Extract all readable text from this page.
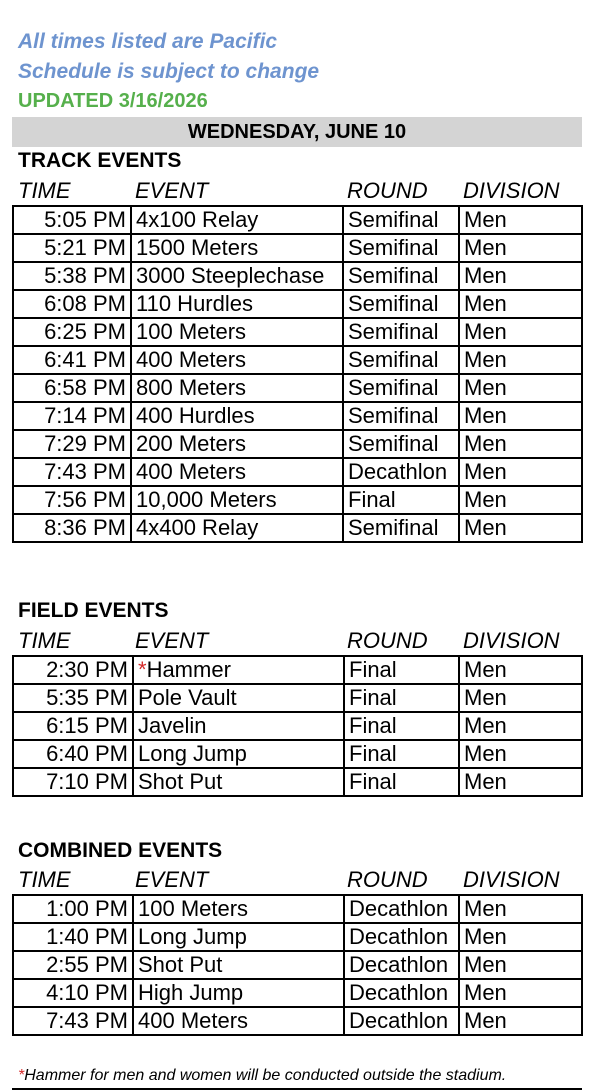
All times listed are Pacific
Schedule is subject to change
UPDATED 3/16/2026
WEDNESDAY, JUNE 10
TRACK EVENTS
TIME	EVENT	ROUND DIVISION
5:05 PM	4x100 Relay	Semifinal	Men
5:21 PM	1500 Meters	Semifinal	Men
5:38 PM	3000 Steeplechase	Semifinal	Men
6:08 PM	110 Hurdles	Semifinal	Men
6:25 PM	100 Meters	Semifinal	Men
6:41 PM	400 Meters	Semifinal	Men
6:58 PM	800 Meters	Semifinal	Men
7:14 PM	400 Hurdles	Semifinal	Men
7:29 PM	200 Meters	Semifinal	Men
7:43 PM	400 Meters	Decathlon	Men
7:56 PM	10,000 Meters	Final	Men
8:36 PM	4x400 Relay	Semifinal	Men
FIELD EVENTS
TIME	EVENT	ROUND DIVISION
2:30 PM	*Hammer	Final	Men
5:35 PM	Pole Vault	Final	Men
6:15 PM	Javelin	Final	Men
6:40 PM	Long Jump	Final	Men
7:10 PM	Shot Put	Final	Men
COMBINED EVENTS
TIME	EVENT	ROUND DIVISION
1:00 PM	100 Meters	Decathlon	Men
1:40 PM	Long Jump	Decathlon	Men
2:55 PM	Shot Put	Decathlon	Men
4:10 PM	High Jump	Decathlon	Men
7:43 PM	400 Meters	Decathlon	Men
*Hammer for men and women will be conducted outside the stadium.
